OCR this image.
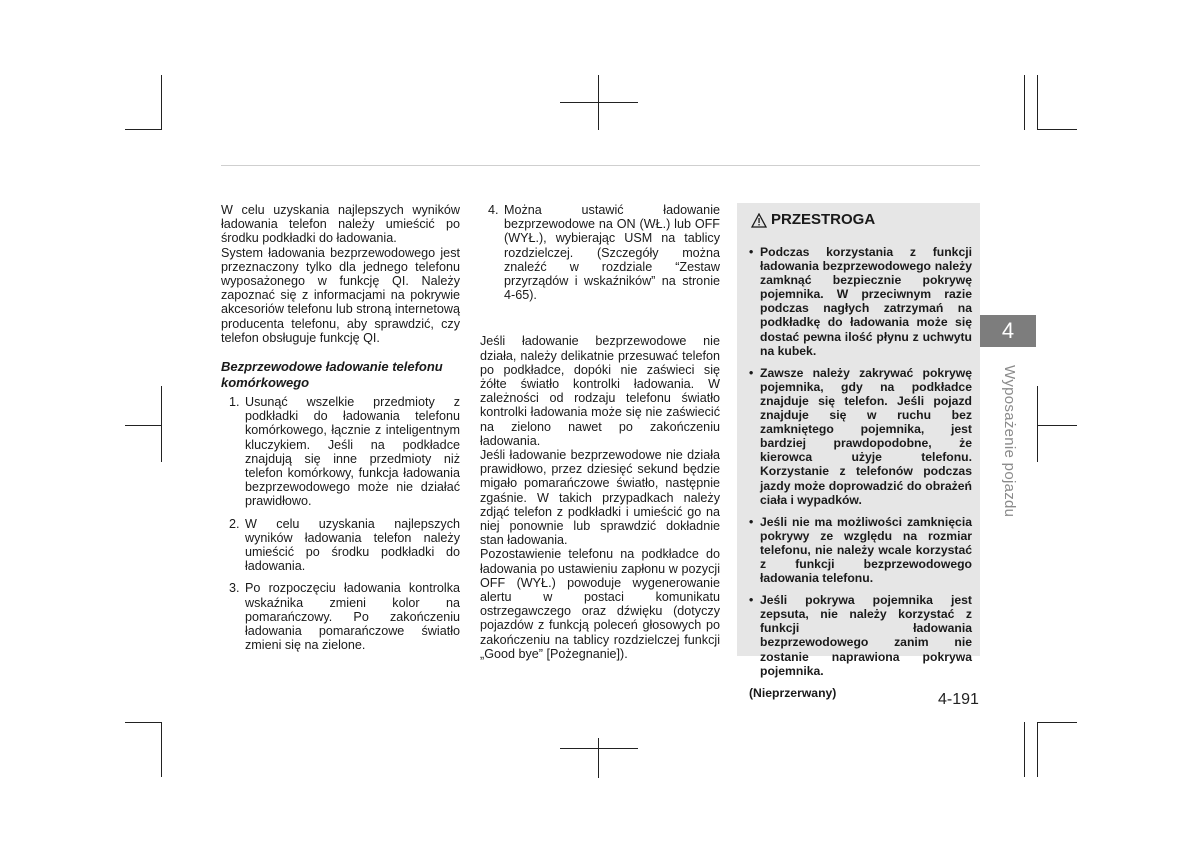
W celu uzyskania najlepszych wyników ładowania telefon należy umieścić po środku podkładki do ładowania.

System ładowania bezprzewodowego jest przeznaczony tylko dla jednego telefonu wyposażonego w funkcję QI. Należy zapoznać się z informacjami na pokrywie akcesoriów telefonu lub stroną internetową producenta telefonu, aby sprawdzić, czy telefon obsługuje funkcję QI.

Bezprzewodowe ładowanie telefonu komórkowego
1. Usunąć wszelkie przedmioty z podkładki do ładowania telefonu komórkowego, łącznie z inteligentnym kluczykiem. Jeśli na podkładce znajdują się inne przedmioty niż telefon komórkowy, funkcja ładowania bezprzewodowego może nie działać prawidłowo.
2. W celu uzyskania najlepszych wyników ładowania telefon należy umieścić po środku podkładki do ładowania.
3. Po rozpoczęciu ładowania kontrolka wskaźnika zmieni kolor na pomarańczowy. Po zakończeniu ładowania pomarańczowe światło zmieni się na zielone.
4. Można ustawić ładowanie bezprzewodowe na ON (WŁ.) lub OFF (WYŁ.), wybierając USM na tablicy rozdzielczej. (Szczegóły można znaleźć w rozdziale “Zestaw przyrządów i wskaźników” na stronie 4-65).

Jeśli ładowanie bezprzewodowe nie działa, należy delikatnie przesuwać telefon po podkładce, dopóki nie zaświeci się żółte światło kontrolki ładowania. W zależności od rodzaju telefonu światło kontrolki ładowania może się nie zaświecić na zielono nawet po zakończeniu ładowania.

Jeśli ładowanie bezprzewodowe nie działa prawidłowo, przez dziesięć sekund będzie migało pomarańczowe światło, następnie zgaśnie. W takich przypadkach należy zdjąć telefon z podkładki i umieścić go na niej ponownie lub sprawdzić dokładnie stan ładowania.

Pozostawienie telefonu na podkładce do ładowania po ustawieniu zapłonu w pozycji OFF (WYŁ.) powoduje wygenerowanie alertu w postaci komunikatu ostrzegawczego oraz dźwięku (dotyczy pojazdów z funkcją poleceń głosowych po zakończeniu na tablicy rozdzielczej funkcji „Good bye” [Pożegnanie]).

PRZESTROGA
• Podczas korzystania z funkcji ładowania bezprzewodowego należy zamknąć bezpiecznie pokrywę pojemnika. W przeciwnym razie podczas nagłych zatrzymań na podkładkę do ładowania może się dostać pewna ilość płynu z uchwytu na kubek.
• Zawsze należy zakrywać pokrywę pojemnika, gdy na podkładce znajduje się telefon. Jeśli pojazd znajduje się w ruchu bez zamkniętego pojemnika, jest bardziej prawdopodobne, że kierowca użyje telefonu. Korzystanie z telefonów podczas jazdy może doprowadzić do obrażeń ciała i wypadków.
• Jeśli nie ma możliwości zamknięcia pokrywy ze względu na rozmiar telefonu, nie należy wcale korzystać z funkcji bezprzewodowego ładowania telefonu.
• Jeśli pokrywa pojemnika jest zepsuta, nie należy korzystać z funkcji ładowania bezprzewodowego zanim nie zostanie naprawiona pokrywa pojemnika.
(Nieprzerwany)
4
Wyposażenie pojazdu
4-191
